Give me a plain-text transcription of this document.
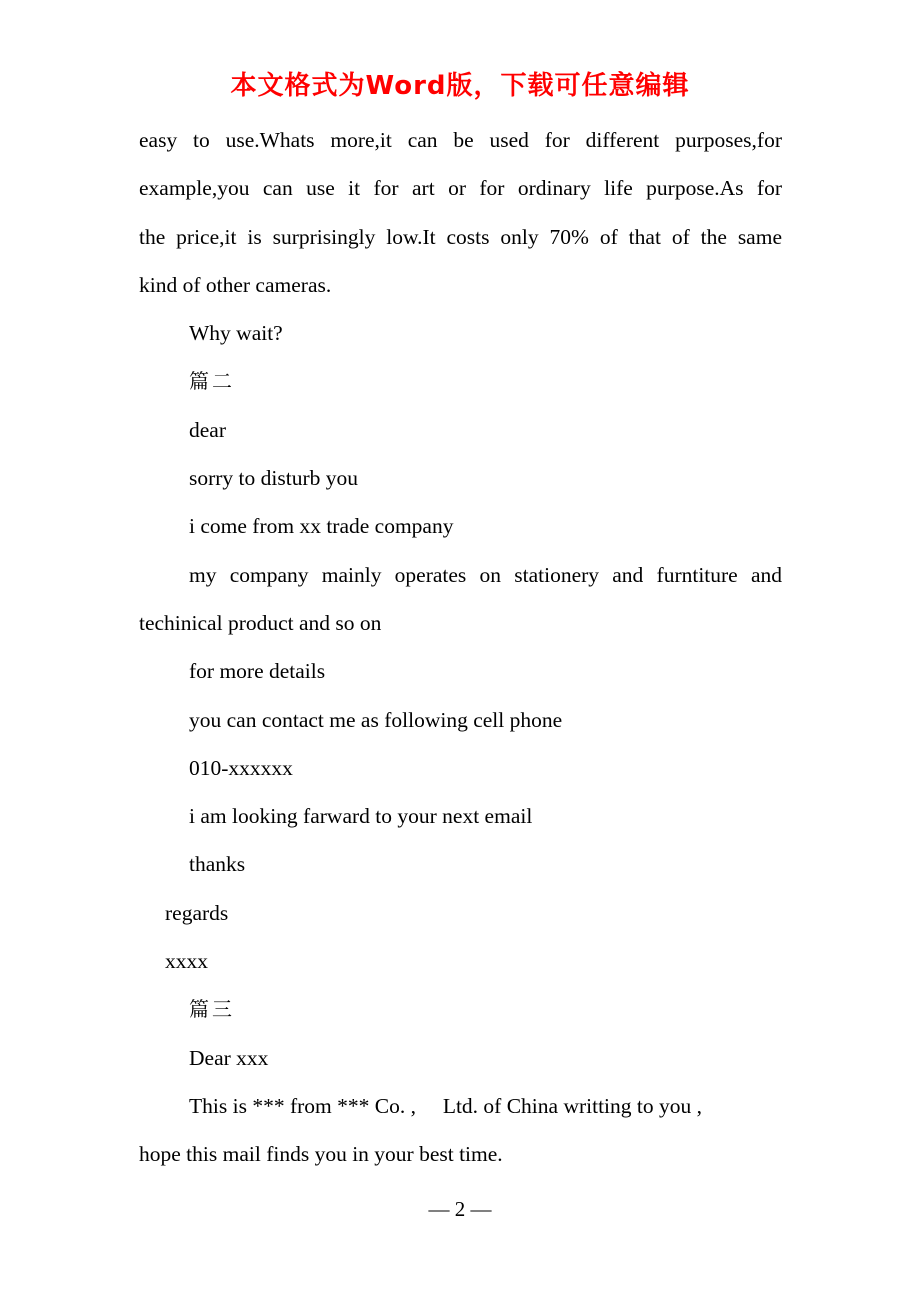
本文格式为Word版，下载可任意编辑
easy to use.Whats more,it can be used for different purposes,for
example,you can use it for art or for ordinary life purpose.As for
the price,it is surprisingly low.It costs only 70% of that of the same
kind of other cameras.
Why wait?
篇二
dear
sorry to disturb you
i come from xx trade company
my company mainly operates on stationery and furntiture and
techinical product and so on
for more details
you can contact me as following cell phone
010-xxxxxx
i am looking farward to your next email
thanks
regards
xxxx
篇三
Dear xxx
This is *** from *** Co. ,     Ltd. of China writting to you ,
hope this mail finds you in your best time.
— 2 —
